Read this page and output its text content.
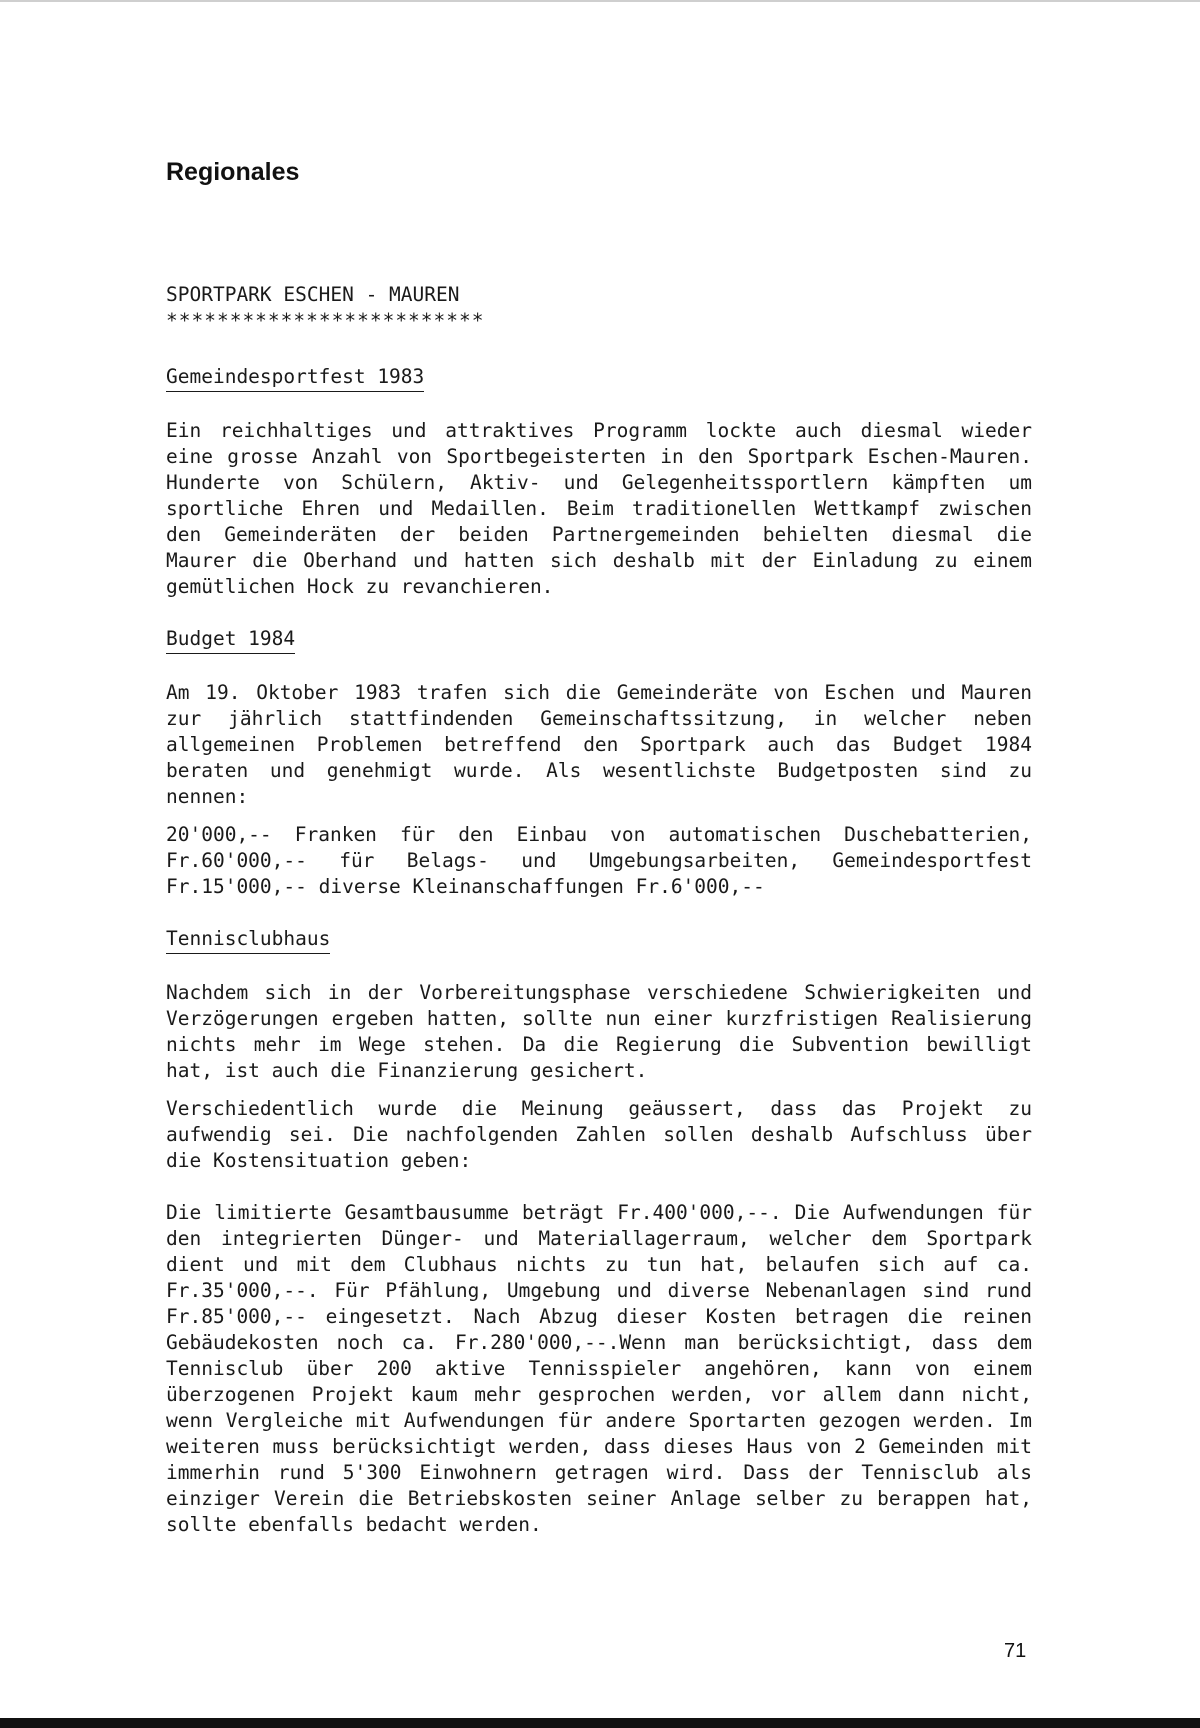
Regionales
SPORTPARK ESCHEN - MAUREN
*************************
Gemeindesportfest 1983

Ein reichhaltiges und attraktives Programm lockte auch diesmal wieder eine grosse Anzahl von Sportbegeisterten in den Sportpark Eschen-Mauren. Hunderte von Schülern, Aktiv- und Gelegenheitssportlern kämpften um sportliche Ehren und Medaillen. Beim traditionellen Wettkampf zwischen den Gemeinderäten der beiden Partnergemeinden behielten diesmal die Maurer die Oberhand und hatten sich deshalb mit der Einladung zu einem gemütlichen Hock zu revanchieren.

Budget 1984

Am 19. Oktober 1983 trafen sich die Gemeinderäte von Eschen und Mauren zur jährlich stattfindenden Gemeinschaftssitzung, in welcher neben allgemeinen Problemen betreffend den Sportpark auch das Budget 1984 beraten und genehmigt wurde. Als wesentlichste Budgetposten sind zu nennen:

20'000,-- Franken für den Einbau von automatischen Duschebatterien, Fr.60'000,-- für Belags- und Umgebungsarbeiten, Gemeindesportfest Fr.15'000,-- diverse Kleinanschaffungen Fr.6'000,--

Tennisclubhaus

Nachdem sich in der Vorbereitungsphase verschiedene Schwierigkeiten und Verzögerungen ergeben hatten, sollte nun einer kurzfristigen Realisierung nichts mehr im Wege stehen. Da die Regierung die Subvention bewilligt hat, ist auch die Finanzierung gesichert.

Verschiedentlich wurde die Meinung geäussert, dass das Projekt zu aufwendig sei. Die nachfolgenden Zahlen sollen deshalb Aufschluss über die Kostensituation geben:

Die limitierte Gesamtbausumme beträgt Fr.400'000,--. Die Aufwendungen für den integrierten Dünger- und Materiallagerraum, welcher dem Sportpark dient und mit dem Clubhaus nichts zu tun hat, belaufen sich auf ca. Fr.35'000,--. Für Pfählung, Umgebung und diverse Nebenanlagen sind rund Fr.85'000,-- eingesetzt. Nach Abzug dieser Kosten betragen die reinen Gebäudekosten noch ca. Fr.280'000,--.Wenn man berücksichtigt, dass dem Tennisclub über 200 aktive Tennisspieler angehören, kann von einem überzogenen Projekt kaum mehr gesprochen werden, vor allem dann nicht, wenn Vergleiche mit Aufwendungen für andere Sportarten gezogen werden. Im weiteren muss berücksichtigt werden, dass dieses Haus von 2 Gemeinden mit immerhin rund 5'300 Einwohnern getragen wird. Dass der Tennisclub als einziger Verein die Betriebskosten seiner Anlage selber zu berappen hat, sollte ebenfalls bedacht werden.

71
